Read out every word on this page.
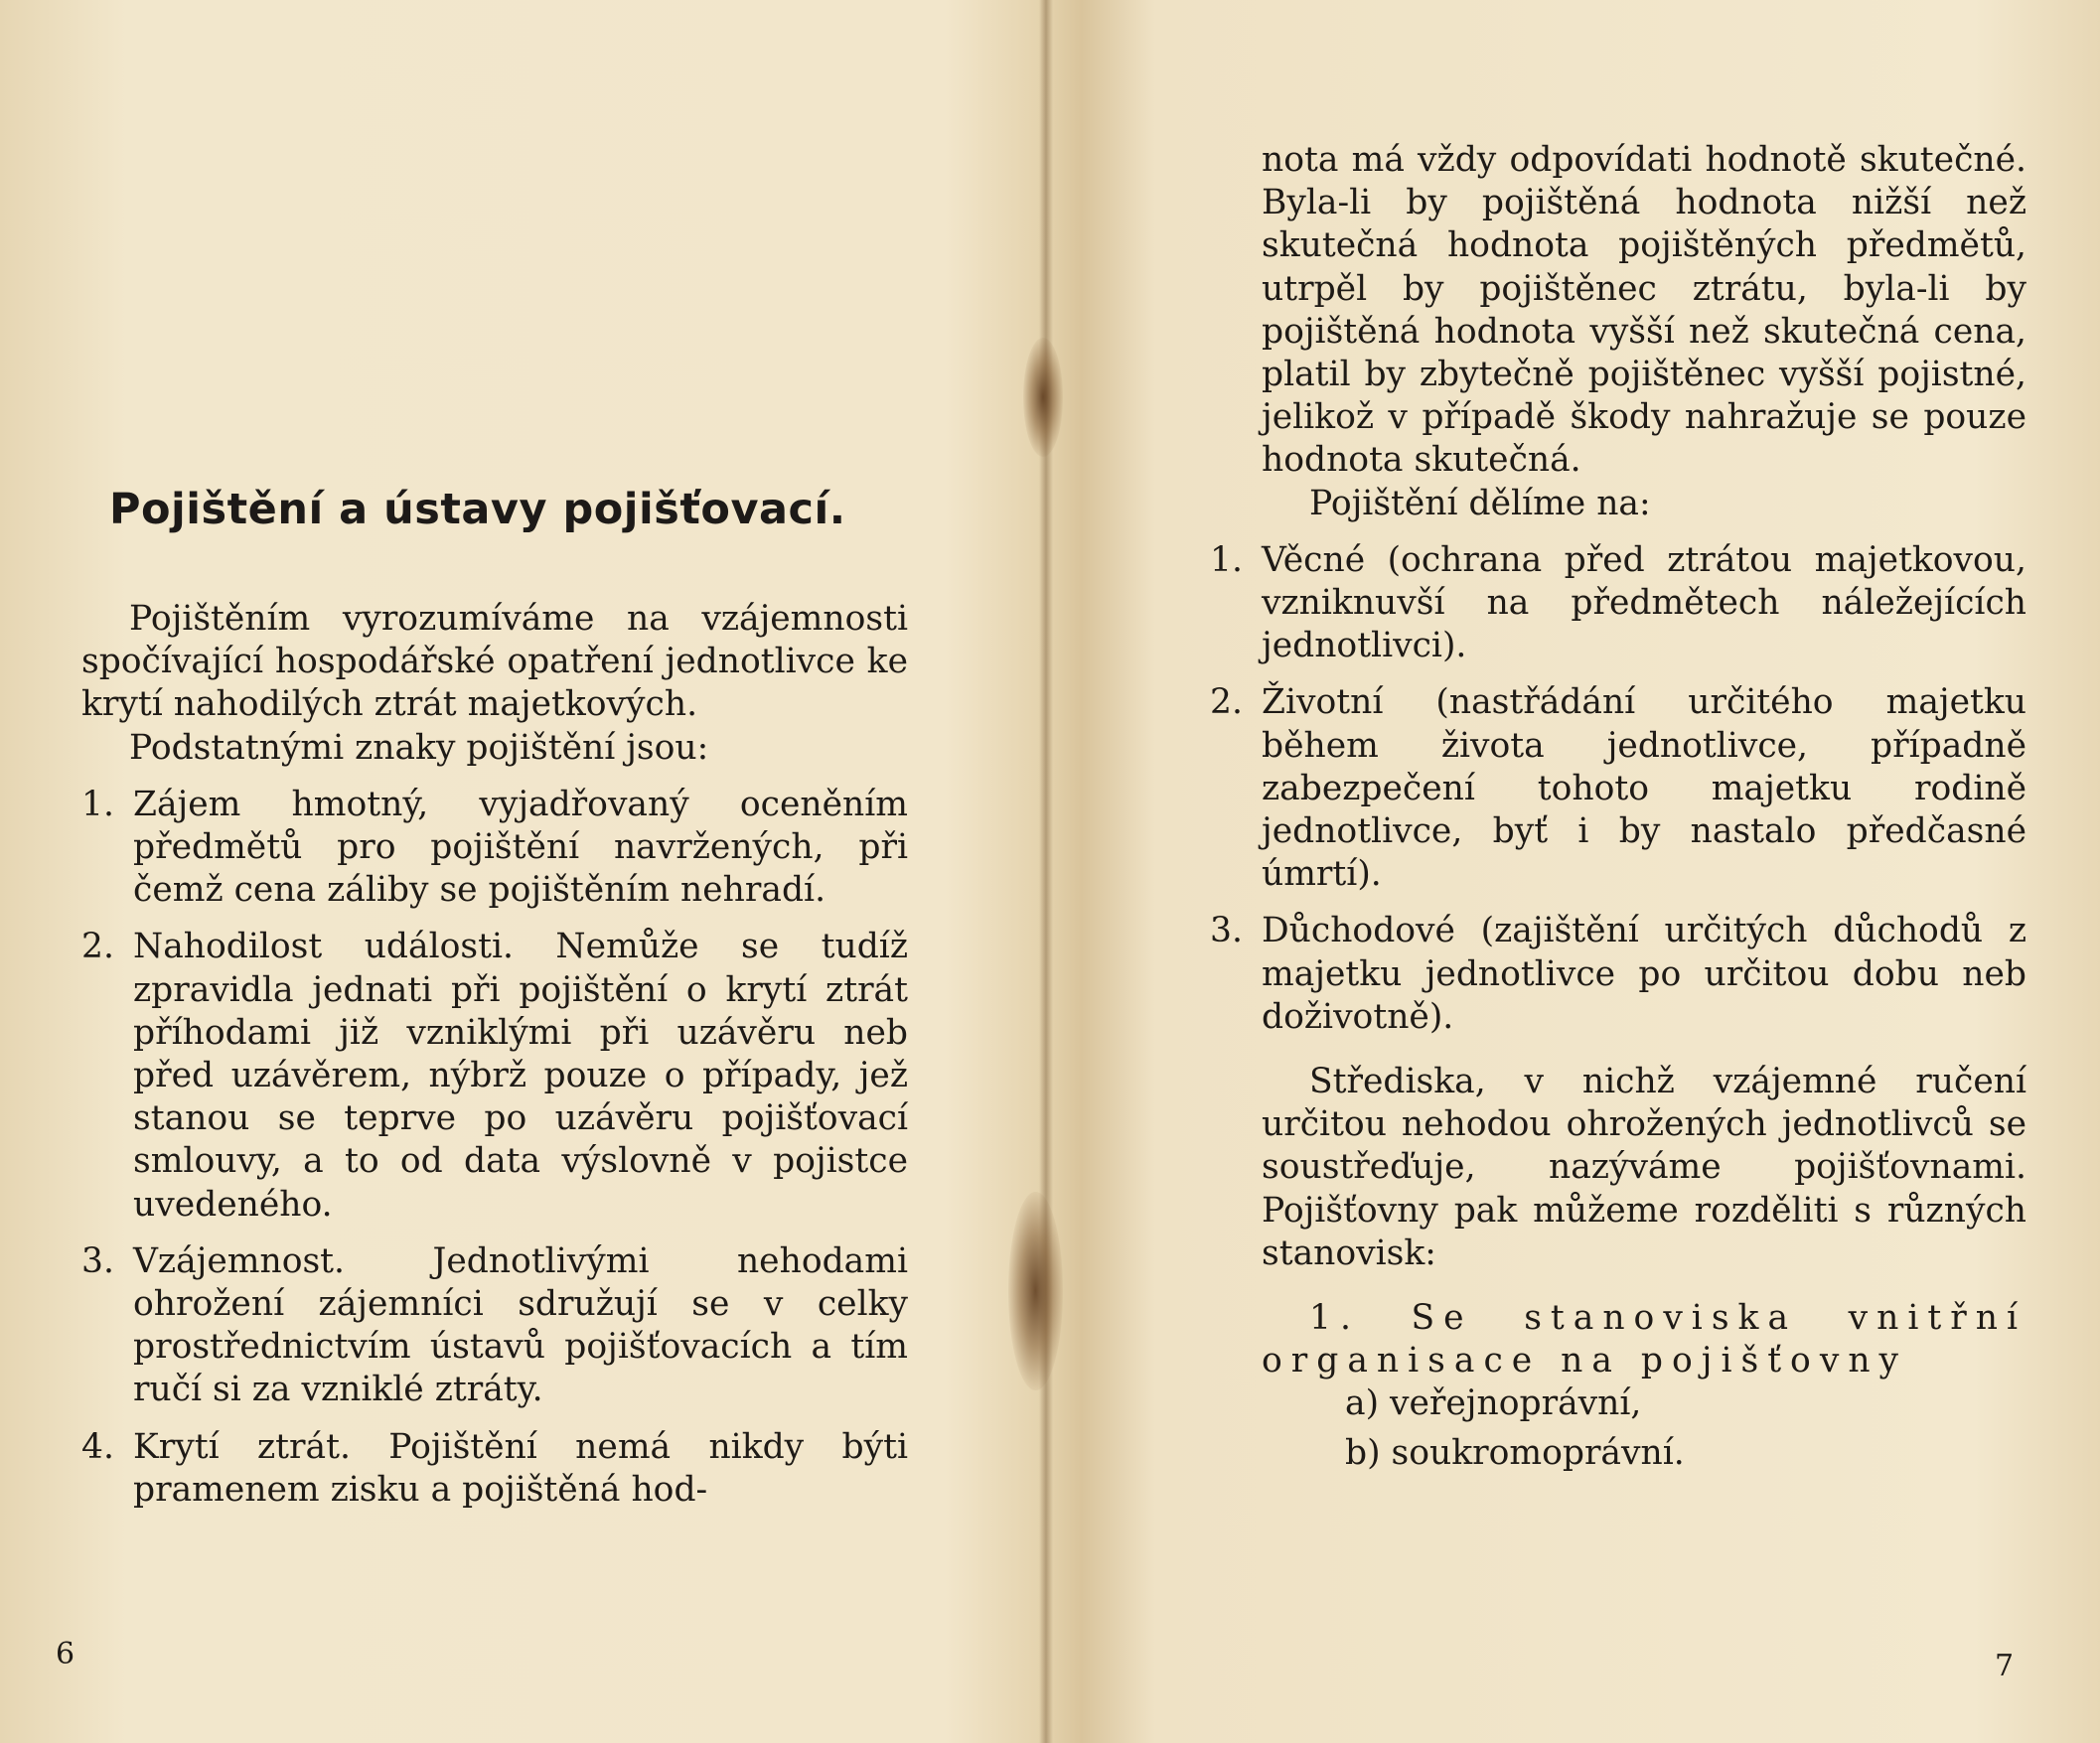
Pojištění a ústavy pojišťovací.

Pojištěním vyrozumíváme na vzájemnosti spočívající hospodářské opatření jednotlivce ke krytí nahodilých ztrát majetkových.

Podstatnými znaky pojištění jsou:

1. Zájem hmotný, vyjadřovaný oceněním předmětů pro pojištění navržených, při čemž cena záliby se pojištěním nehradí.
2. Nahodilost události. Nemůže se tudíž zpravidla jednati při pojištění o krytí ztrát příhodami již vzniklými při uzávěru neb před uzávěrem, nýbrž pouze o případy, jež stanou se teprve po uzávěru pojišťovací smlouvy, a to od data výslovně v pojistce uvedeného.
3. Vzájemnost. Jednotlivými nehodami ohrožení zájemníci sdružují se v celky prostřednictvím ústavů pojišťovacích a tím ručí si za vzniklé ztráty.
4. Krytí ztrát. Pojištění nemá nikdy býti pramenem zisku a pojištěná hod-
6

nota má vždy odpovídati hodnotě skutečné. Byla-li by pojištěná hodnota nižší než skutečná hodnota pojištěných předmětů, utrpěl by pojištěnec ztrátu, byla-li by pojištěná hodnota vyšší než skutečná cena, platil by zbytečně pojištěnec vyšší pojistné, jelikož v případě škody nahražuje se pouze hodnota skutečná.

Pojištění dělíme na:

1. Věcné (ochrana před ztrátou majetkovou, vzniknuvší na předmětech náležejících jednotlivci).
2. Životní (nastřádání určitého majetku během života jednotlivce, případně zabezpečení tohoto majetku rodině jednotlivce, byť i by nastalo předčasné úmrtí).
3. Důchodové (zajištění určitých důchodů z majetku jednotlivce po určitou dobu neb doživotně).

Střediska, v nichž vzájemné ručení určitou nehodou ohrožených jednotlivců se soustřeďuje, nazýváme pojišťovnami. Pojišťovny pak můžeme rozděliti s různých stanovisk:

1. Se stanoviska vnitřní organisace na pojišťovny

a) veřejnoprávní,

b) soukromoprávní.

7
